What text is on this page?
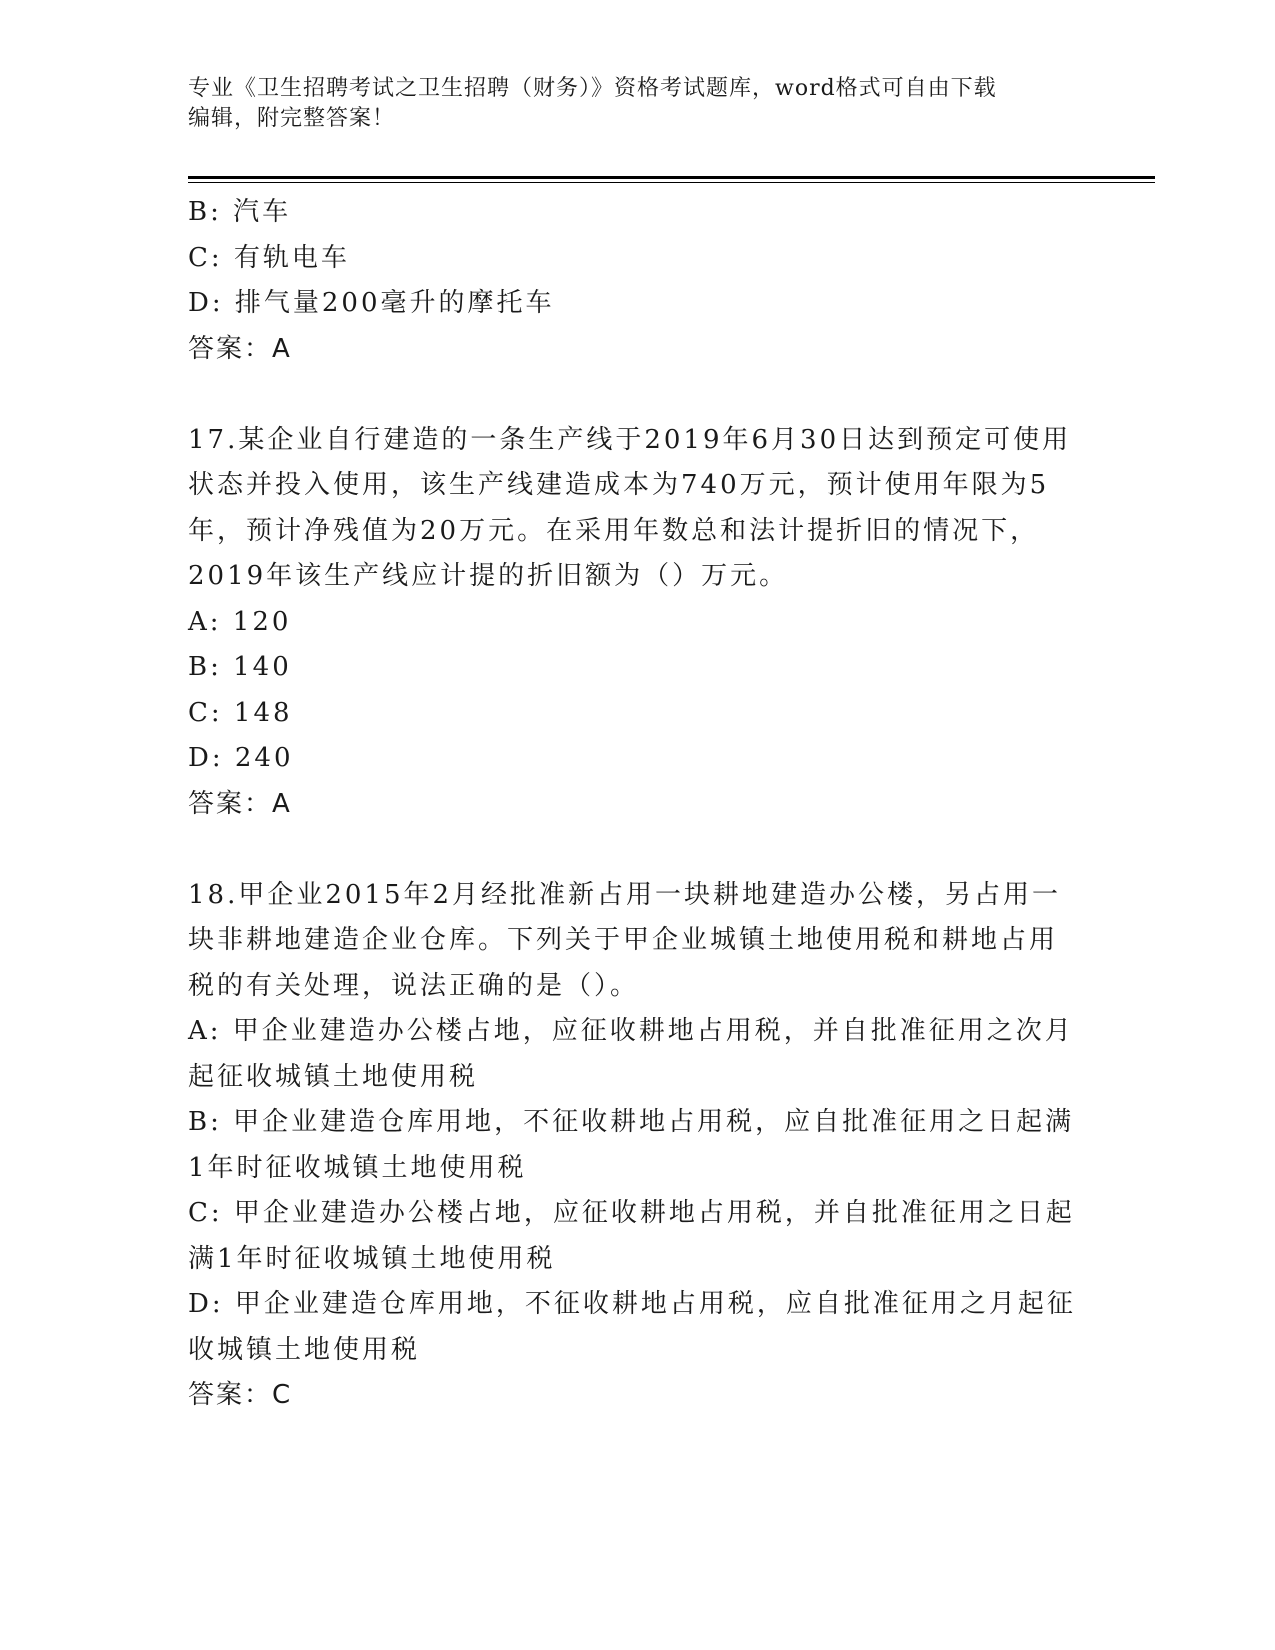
专业《卫生招聘考试之卫生招聘（财务）》资格考试题库，word格式可自由下载
编辑，附完整答案！
B: 汽车
C: 有轨电车
D: 排气量200毫升的摩托车
答案：A
17.某企业自行建造的一条生产线于2019年6月30日达到预定可使用
状态并投入使用，该生产线建造成本为740万元，预计使用年限为5
年，预计净残值为20万元。在采用年数总和法计提折旧的情况下，
2019年该生产线应计提的折旧额为（）万元。
A: 120
B: 140
C: 148
D: 240
答案：A
18.甲企业2015年2月经批准新占用一块耕地建造办公楼，另占用一
块非耕地建造企业仓库。下列关于甲企业城镇土地使用税和耕地占用
税的有关处理，说法正确的是（）。
A: 甲企业建造办公楼占地，应征收耕地占用税，并自批准征用之次月
起征收城镇土地使用税
B: 甲企业建造仓库用地，不征收耕地占用税，应自批准征用之日起满
1年时征收城镇土地使用税
C: 甲企业建造办公楼占地，应征收耕地占用税，并自批准征用之日起
满1年时征收城镇土地使用税
D: 甲企业建造仓库用地，不征收耕地占用税，应自批准征用之月起征
收城镇土地使用税
答案：C
